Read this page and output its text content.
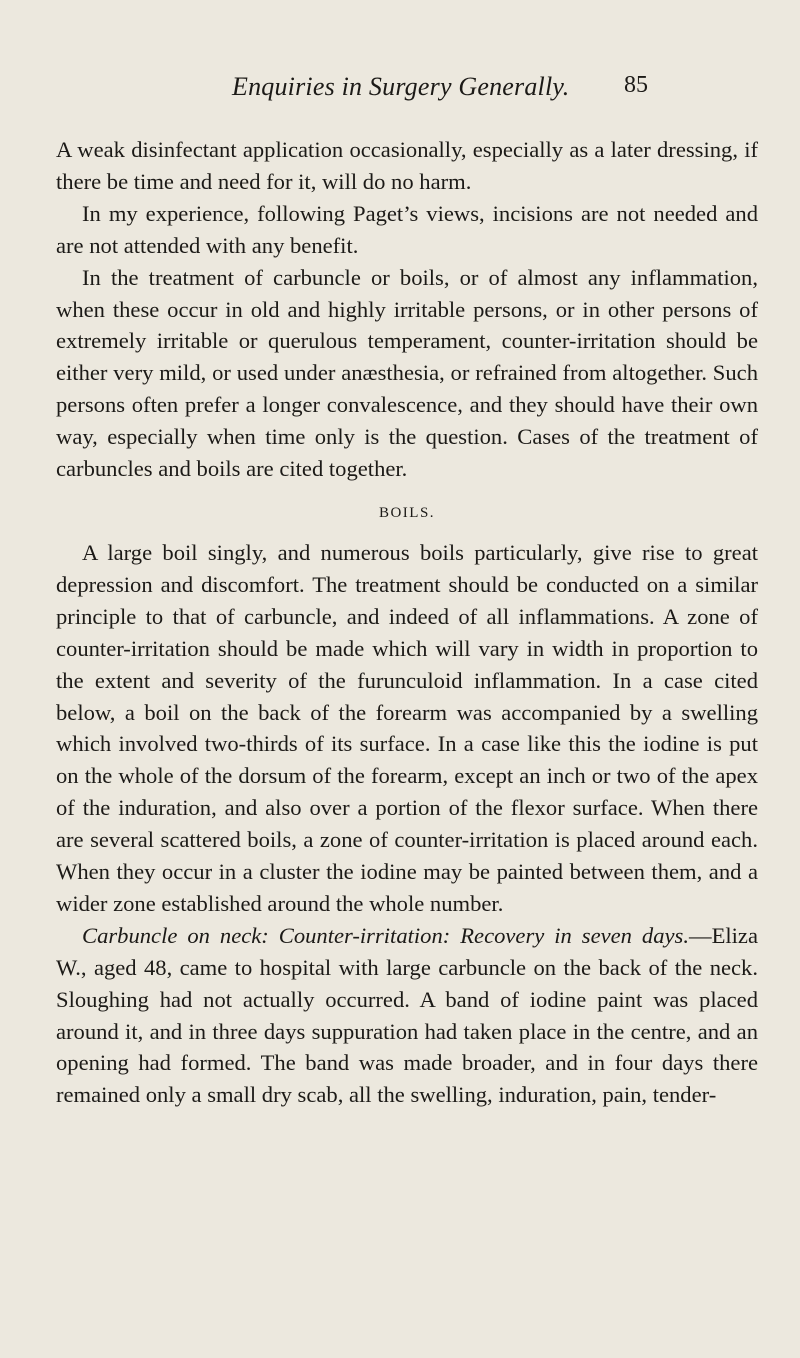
Enquiries in Surgery Generally. 85

A weak disinfectant application occasionally, especially as a later dressing, if there be time and need for it, will do no harm.

In my experience, following Paget’s views, incisions are not needed and are not attended with any benefit.

In the treatment of carbuncle or boils, or of almost any inflammation, when these occur in old and highly irritable persons, or in other persons of extremely irritable or querulous temperament, counter-irritation should be either very mild, or used under anæsthesia, or refrained from altogether. Such persons often prefer a longer convalescence, and they should have their own way, especially when time only is the question. Cases of the treatment of carbuncles and boils are cited together.

BOILS.

A large boil singly, and numerous boils particularly, give rise to great depression and discomfort. The treatment should be conducted on a similar principle to that of carbuncle, and indeed of all inflammations. A zone of counter-irritation should be made which will vary in width in proportion to the extent and severity of the furunculoid inflammation. In a case cited below, a boil on the back of the forearm was accompanied by a swelling which involved two-thirds of its surface. In a case like this the iodine is put on the whole of the dorsum of the forearm, except an inch or two of the apex of the induration, and also over a portion of the flexor surface. When there are several scattered boils, a zone of counter-irritation is placed around each. When they occur in a cluster the iodine may be painted between them, and a wider zone established around the whole number.

Carbuncle on neck: Counter-irritation: Recovery in seven days.—Eliza W., aged 48, came to hospital with large carbuncle on the back of the neck. Sloughing had not actually occurred. A band of iodine paint was placed around it, and in three days suppuration had taken place in the centre, and an opening had formed. The band was made broader, and in four days there remained only a small dry scab, all the swelling, induration, pain, tender-
